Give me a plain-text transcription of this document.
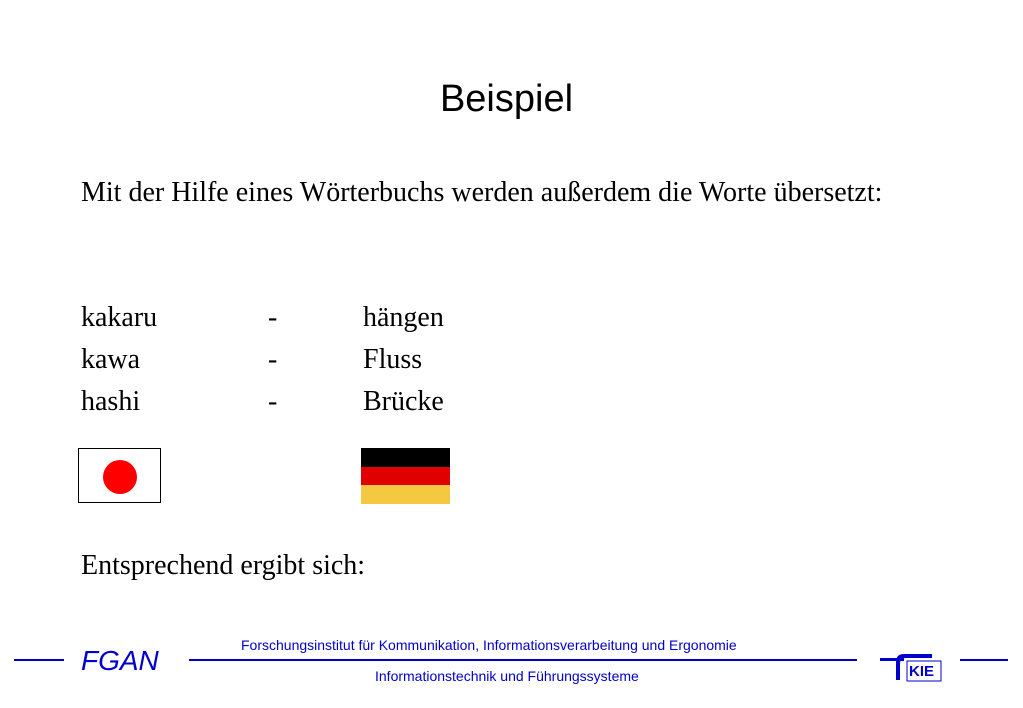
Beispiel
Mit der Hilfe eines Wörterbuchs werden außerdem die Worte übersetzt:
kakaru	-	hängen
kawa	-	Fluss
hashi	-	Brücke
Entsprechend ergibt sich:
FGAN	Forschungsinstitut für Kommunikation, Informationsverarbeitung und Ergonomie
Informationstechnik und Führungssysteme	KIE
